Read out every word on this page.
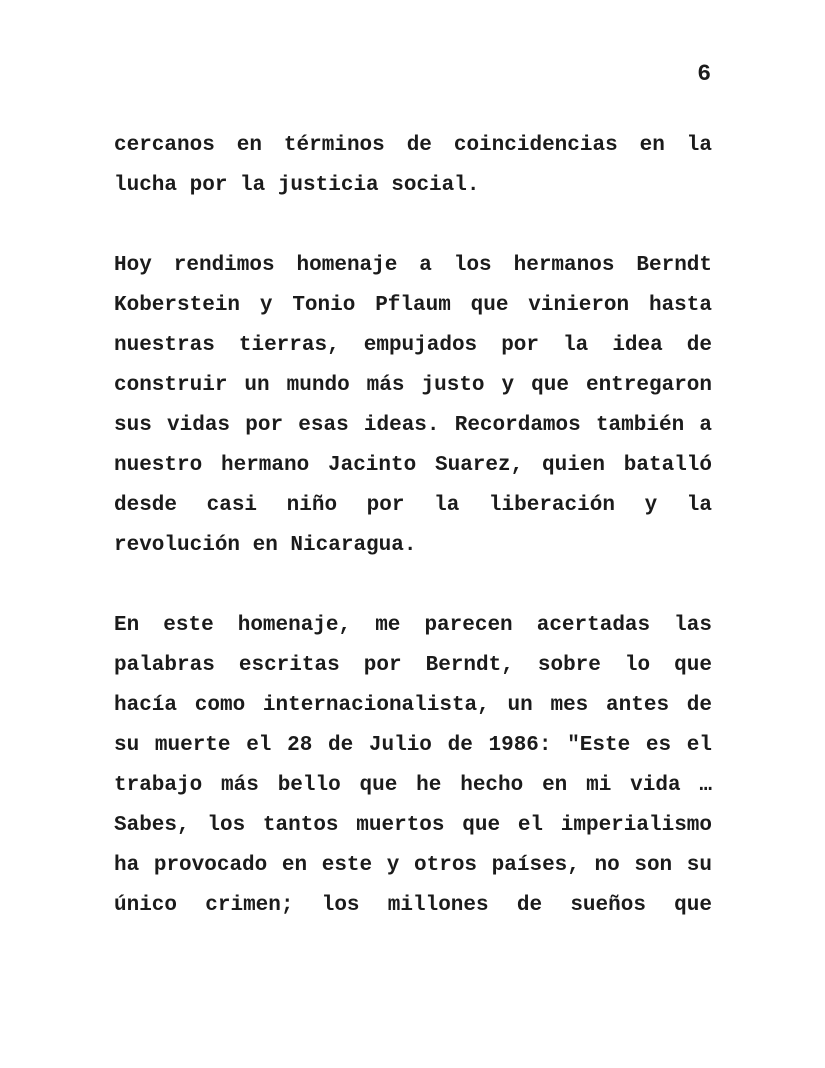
6
cercanos en términos de coincidencias en la
lucha por la justicia social.
Hoy rendimos homenaje a los hermanos Berndt
Koberstein y Tonio Pflaum que vinieron hasta
nuestras tierras, empujados por la idea de
construir un mundo más justo y que entregaron
sus vidas por esas ideas. Recordamos también a
nuestro hermano Jacinto Suarez, quien batalló
desde casi niño por la liberación y la
revolución en Nicaragua.
En este homenaje, me parecen acertadas las
palabras escritas por Berndt, sobre lo que
hacía como internacionalista, un mes antes de
su muerte el 28 de Julio de 1986: "Este es el
trabajo más bello que he hecho en mi vida …
Sabes, los tantos muertos que el imperialismo
ha provocado en este y otros países, no son su
único crimen; los millones de sueños que
